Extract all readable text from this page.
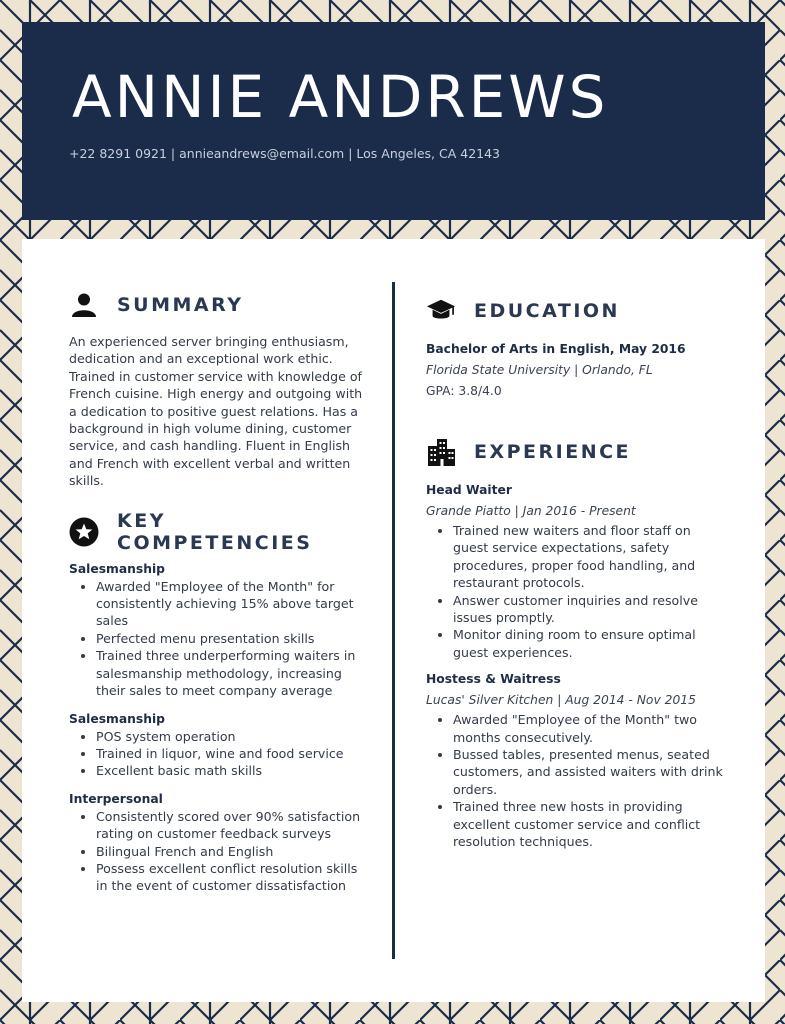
ANNIE ANDREWS
+22 8291 0921 | annieandrews@email.com | Los Angeles, CA 42143
SUMMARY

An experienced server bringing enthusiasm, dedication and an exceptional work ethic. Trained in customer service with knowledge of French cuisine. High energy and outgoing with a dedication to positive guest relations. Has a background in high volume dining, customer service, and cash handling. Fluent in English and French with excellent verbal and written skills.

KEY COMPETENCIES

Salesmanship

• Awarded "Employee of the Month" for consistently achieving 15% above target sales
• Perfected menu presentation skills
• Trained three underperforming waiters in salesmanship methodology, increasing their sales to meet company average

Salesmanship

• POS system operation
• Trained in liquor, wine and food service
• Excellent basic math skills

Interpersonal

• Consistently scored over 90% satisfaction rating on customer feedback surveys
• Bilingual French and English
• Possess excellent conflict resolution skills in the event of customer dissatisfaction
EDUCATION

Bachelor of Arts in English, May 2016

Florida State University | Orlando, FL

GPA: 3.8/4.0

EXPERIENCE

Head Waiter

Grande Piatto | Jan 2016 - Present

• Trained new waiters and floor staff on guest service expectations, safety procedures, proper food handling, and restaurant protocols.
• Answer customer inquiries and resolve issues promptly.
• Monitor dining room to ensure optimal guest experiences.

Hostess & Waitress

Lucas' Silver Kitchen | Aug 2014 - Nov 2015

• Awarded "Employee of the Month" two months consecutively.
• Bussed tables, presented menus, seated customers, and assisted waiters with drink orders.
• Trained three new hosts in providing excellent customer service and conflict resolution techniques.
